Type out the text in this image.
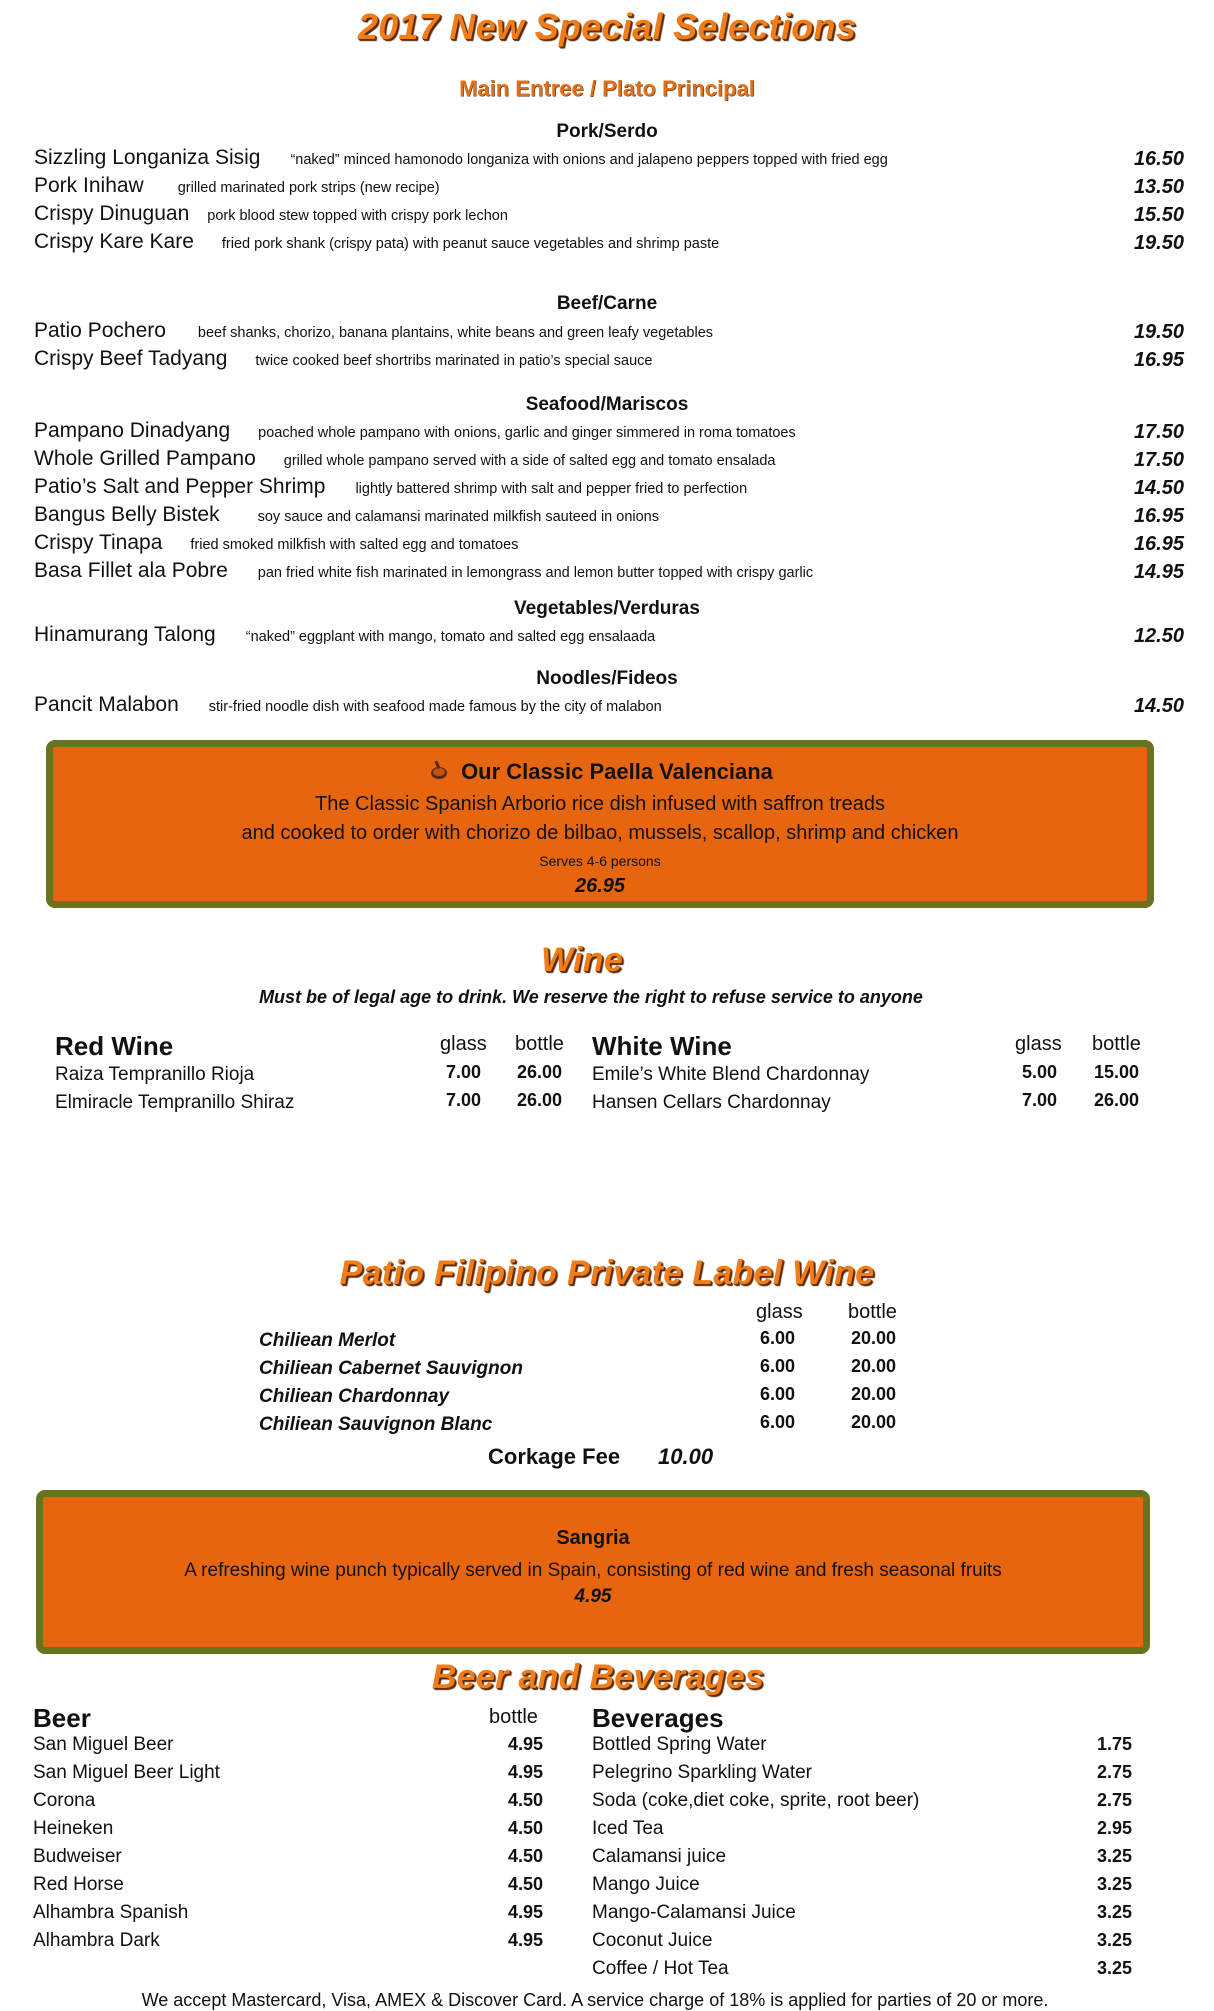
2017 New Special Selections
Main Entree / Plato Principal
Pork/Serdo
Sizzling Longaniza Sisig “naked” minced hamonodo longaniza with onions and jalapeno peppers topped with fried egg	16.50
Pork Inihaw grilled marinated pork strips (new recipe)	13.50
Crispy Dinuguan pork blood stew topped with crispy pork lechon	15.50
Crispy Kare Kare fried pork shank (crispy pata) with peanut sauce vegetables and shrimp paste	19.50
Beef/Carne
Patio Pochero beef shanks, chorizo, banana plantains, white beans and green leafy vegetables	19.50
Crispy Beef Tadyang twice cooked beef shortribs marinated in patio’s special sauce	16.95
Seafood/Mariscos
Pampano Dinadyang poached whole pampano with onions, garlic and ginger simmered in roma tomatoes	17.50
Whole Grilled Pampano grilled whole pampano served with a side of salted egg and tomato ensalada	17.50
Patio’s Salt and Pepper Shrimp lightly battered shrimp with salt and pepper fried to perfection	14.50
Bangus Belly Bistek	soy sauce and calamansi marinated milkfish sauteed in onions	16.95
Crispy Tinapa fried smoked milkfish with salted egg and tomatoes	16.95
Basa Fillet ala Pobre pan fried white fish marinated in lemongrass and lemon butter topped with crispy garlic	14.95
Vegetables/Verduras
Hinamurang Talong “naked” eggplant with mango, tomato and salted egg ensalaada	12.50
Noodles/Fideos
Pancit Malabon stir-fried noodle dish with seafood made famous by the city of malabon	14.50
Our Classic Paella Valenciana
The Classic Spanish Arborio rice dish infused with saffron treads
and cooked to order with chorizo de bilbao, mussels, scallop, shrimp and chicken
Serves 4-6 persons
26.95
Wine
Must be of legal age to drink. We reserve the right to refuse service to anyone
Red Wine	glass bottle
Raiza Tempranillo Rioja	7.00 26.00
Elmiracle Tempranillo Shiraz	7.00 26.00
White Wine	glass bottle
Emile’s White Blend Chardonnay	5.00 15.00
Hansen Cellars Chardonnay	7.00 26.00
Patio Filipino Private Label Wine
glass bottle
Chiliean Merlot	6.00	20.00
Chiliean Cabernet Sauvignon	6.00	20.00
Chiliean Chardonnay	6.00	20.00
Chiliean Sauvignon Blanc	6.00	20.00
Corkage Fee 10.00
Sangria
A refreshing wine punch typically served in Spain, consisting of red wine and fresh seasonal fruits
4.95
Beer and Beverages
Beer	bottle
San Miguel Beer	4.95
San Miguel Beer Light	4.95
Corona	4.50
Heineken	4.50
Budweiser	4.50
Red Horse	4.50
Alhambra Spanish	4.95
Alhambra Dark	4.95
Beverages
Bottled Spring Water	1.75
Pelegrino Sparkling Water	2.75
Soda (coke,diet coke, sprite, root beer)	2.75
Iced Tea	2.95
Calamansi juice	3.25
Mango Juice	3.25
Mango-Calamansi Juice	3.25
Coconut Juice	3.25
Coffee / Hot Tea	3.25
We accept Mastercard, Visa, AMEX & Discover Card. A service charge of 18% is applied for parties of 20 or more.
